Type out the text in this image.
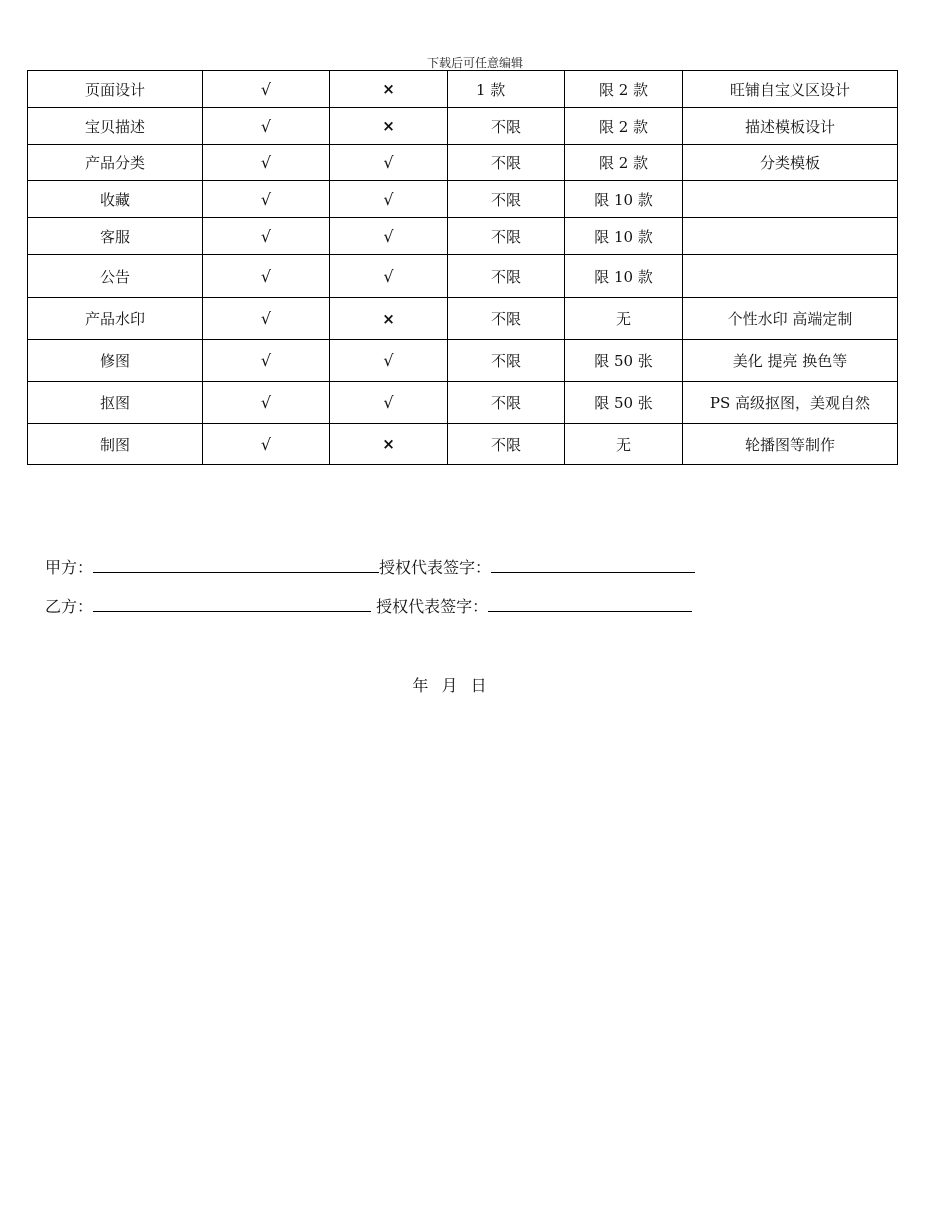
下载后可任意编辑
页面设计	√	×	1 款	限 2 款	旺铺自宝义区设计
宝贝描述	√	×	不限	限 2 款	描述模板设计
产品分类	√	√	不限	限 2 款	分类模板
收藏	√	√	不限	限 10 款	
客服	√	√	不限	限 10 款	
公告	√	√	不限	限 10 款	
产品水印	√	×	不限	无	个性水印 高端定制
修图	√	√	不限	限 50 张	美化 提亮 换色等
抠图	√	√	不限	限 50 张	PS 高级抠图，美观自然
制图	√	×	不限	无	轮播图等制作
甲方：	授权代表签字：
乙方：	授权代表签字：
年 月 日
